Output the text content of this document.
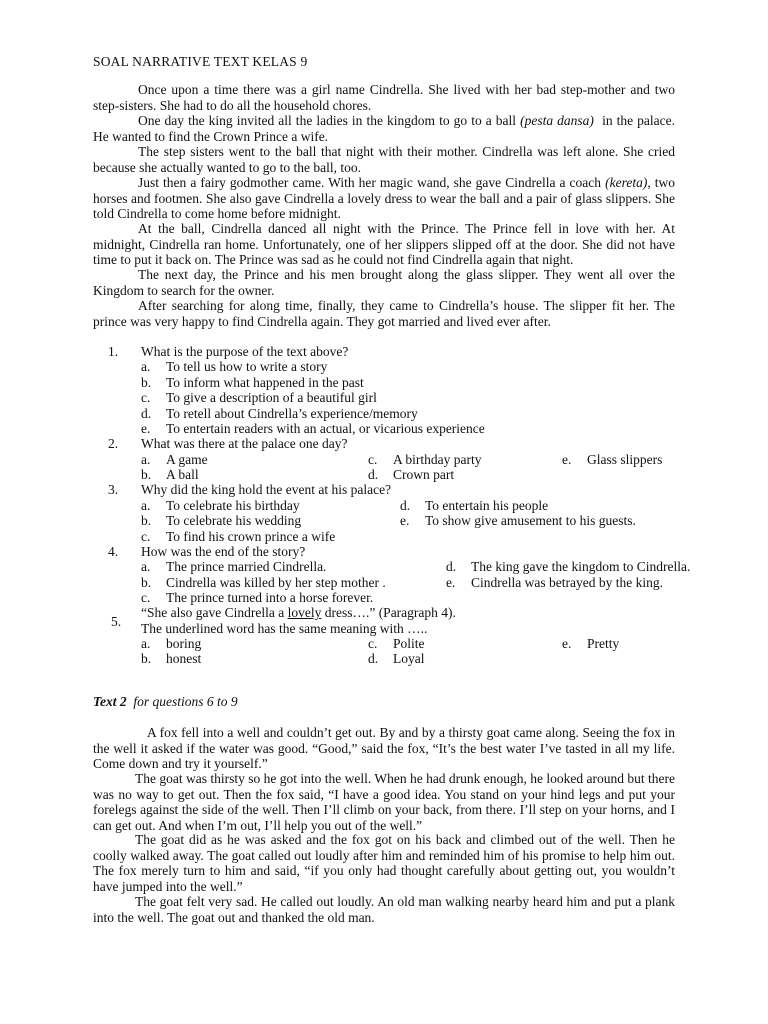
SOAL NARRATIVE TEXT KELAS 9

Once upon a time there was a girl name Cindrella. She lived with her bad step-mother and two step-sisters. She had to do all the household chores.

One day the king invited all the ladies in the kingdom to go to a ball (pesta dansa) in the palace. He wanted to find the Crown Prince a wife.

The step sisters went to the ball that night with their mother. Cindrella was left alone. She cried because she actually wanted to go to the ball, too.

Just then a fairy godmother came. With her magic wand, she gave Cindrella a coach (kereta), two horses and footmen. She also gave Cindrella a lovely dress to wear the ball and a pair of glass slippers. She told Cindrella to come home before midnight.

At the ball, Cindrella danced all night with the Prince. The Prince fell in love with her. At midnight, Cindrella ran home. Unfortunately, one of her slippers slipped off at the door. She did not have time to put it back on. The Prince was sad as he could not find Cindrella again that night.

The next day, the Prince and his men brought along the glass slipper. They went all over the Kingdom to search for the owner.

After searching for along time, finally, they came to Cindrella’s house. The slipper fit her. The prince was very happy to find Cindrella again. They got married and lived ever after.

1. What is the purpose of the text above?
a. To tell us how to write a story
b. To inform what happened in the past
c. To give a description of a beautiful girl
d. To retell about Cindrella’s experience/memory
e. To entertain readers with an actual, or vicarious experience
2. What was there at the palace one day?
a. A game	c. A birthday party	e. Glass slippers
b. A ball	d. Crown part
3. Why did the king hold the event at his palace?
a. To celebrate his birthday	d. To entertain his people
b. To celebrate his wedding	e. To show give amusement to his guests.
c. To find his crown prince a wife
4. How was the end of the story?
a. The prince married Cindrella.	d. The king gave the kingdom to Cindrella.
b. Cindrella was killed by her step mother .	e. Cindrella was betrayed by the king.
c. The prince turned into a horse forever.
5.
“She also gave Cindrella a lovely dress….” (Paragraph 4).
The underlined word has the same meaning with …..
a. boring	c. Polite	e. Pretty
b. honest	d. Loyal
Text 2 for questions 6 to 9

A fox fell into a well and couldn’t get out. By and by a thirsty goat came along. Seeing the fox in the well it asked if the water was good. “Good,” said the fox, “It’s the best water I’ve tasted in all my life. Come down and try it yourself.”

The goat was thirsty so he got into the well. When he had drunk enough, he looked around but there was no way to get out. Then the fox said, “I have a good idea. You stand on your hind legs and put your forelegs against the side of the well. Then I’ll climb on your back, from there. I’ll step on your horns, and I can get out. And when I’m out, I’ll help you out of the well.”

The goat did as he was asked and the fox got on his back and climbed out of the well. Then he coolly walked away. The goat called out loudly after him and reminded him of his promise to help him out. The fox merely turn to him and said, “if you only had thought carefully about getting out, you wouldn’t have jumped into the well.”

The goat felt very sad. He called out loudly. An old man walking nearby heard him and put a plank into the well. The goat out and thanked the old man.
